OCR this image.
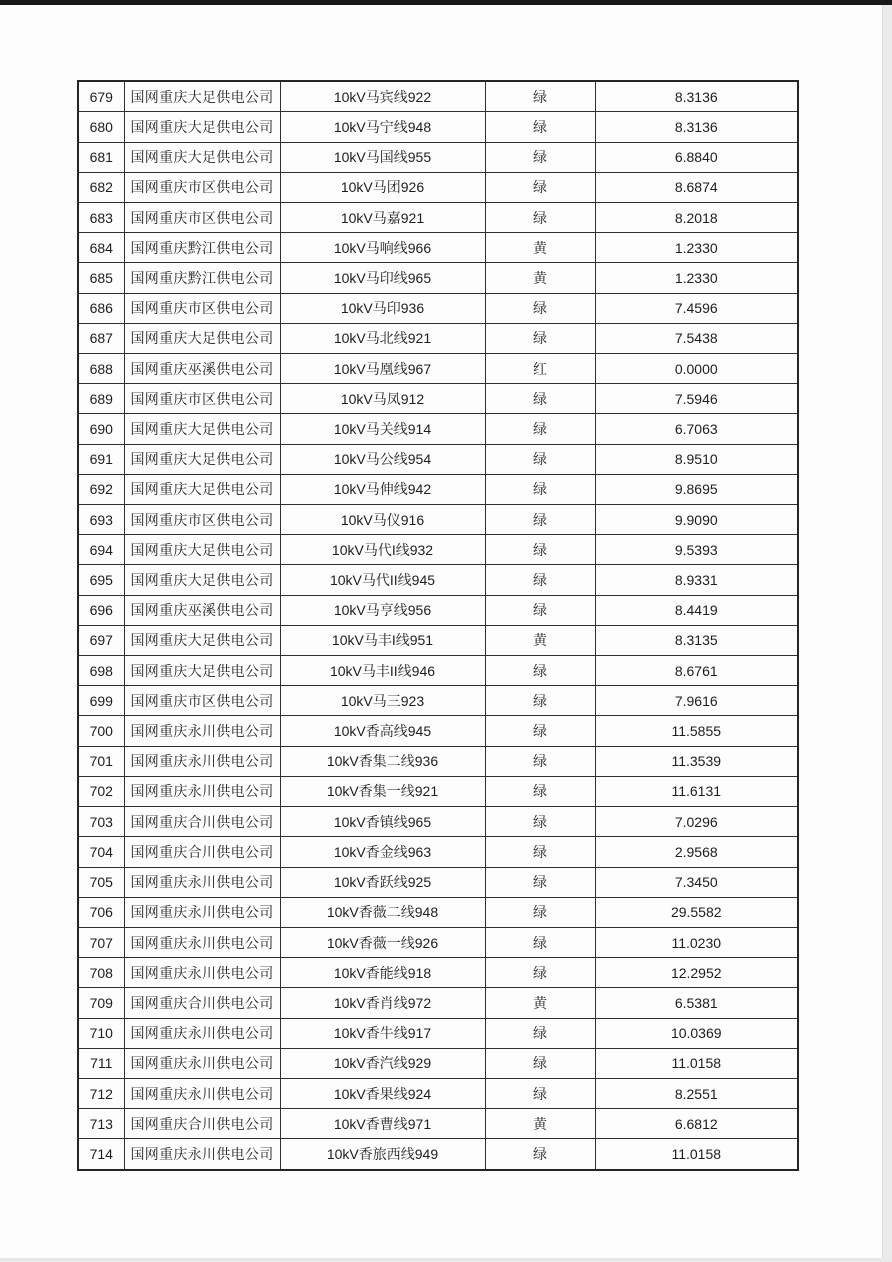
679	国网重庆大足供电公司	10kV马宾线922	绿	8.3136
680	国网重庆大足供电公司	10kV马宁线948	绿	8.3136
681	国网重庆大足供电公司	10kV马国线955	绿	6.8840
682	国网重庆市区供电公司	10kV马团926	绿	8.6874
683	国网重庆市区供电公司	10kV马嘉921	绿	8.2018
684	国网重庆黔江供电公司	10kV马响线966	黄	1.2330
685	国网重庆黔江供电公司	10kV马印线965	黄	1.2330
686	国网重庆市区供电公司	10kV马印936	绿	7.4596
687	国网重庆大足供电公司	10kV马北线921	绿	7.5438
688	国网重庆巫溪供电公司	10kV马凰线967	红	0.0000
689	国网重庆市区供电公司	10kV马凤912	绿	7.5946
690	国网重庆大足供电公司	10kV马关线914	绿	6.7063
691	国网重庆大足供电公司	10kV马公线954	绿	8.9510
692	国网重庆大足供电公司	10kV马伸线942	绿	9.8695
693	国网重庆市区供电公司	10kV马仪916	绿	9.9090
694	国网重庆大足供电公司	10kV马代I线932	绿	9.5393
695	国网重庆大足供电公司	10kV马代II线945	绿	8.9331
696	国网重庆巫溪供电公司	10kV马亨线956	绿	8.4419
697	国网重庆大足供电公司	10kV马丰I线951	黄	8.3135
698	国网重庆大足供电公司	10kV马丰II线946	绿	8.6761
699	国网重庆市区供电公司	10kV马三923	绿	7.9616
700	国网重庆永川供电公司	10kV香高线945	绿	11.5855
701	国网重庆永川供电公司	10kV香集二线936	绿	11.3539
702	国网重庆永川供电公司	10kV香集一线921	绿	11.6131
703	国网重庆合川供电公司	10kV香镇线965	绿	7.0296
704	国网重庆合川供电公司	10kV香金线963	绿	2.9568
705	国网重庆永川供电公司	10kV香跃线925	绿	7.3450
706	国网重庆永川供电公司	10kV香薇二线948	绿	29.5582
707	国网重庆永川供电公司	10kV香薇一线926	绿	11.0230
708	国网重庆永川供电公司	10kV香能线918	绿	12.2952
709	国网重庆合川供电公司	10kV香肖线972	黄	6.5381
710	国网重庆永川供电公司	10kV香牛线917	绿	10.0369
711	国网重庆永川供电公司	10kV香汽线929	绿	11.0158
712	国网重庆永川供电公司	10kV香果线924	绿	8.2551
713	国网重庆合川供电公司	10kV香曹线971	黄	6.6812
714	国网重庆永川供电公司	10kV香旅西线949	绿	11.0158
